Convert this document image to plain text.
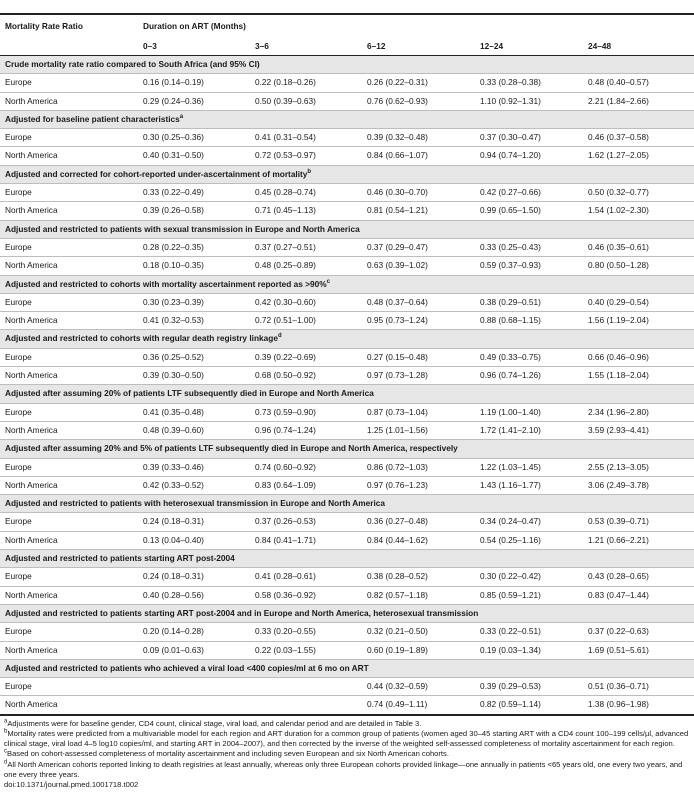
Mortality Rate Ratio	Duration on ART (Months)				
	0–3	3–6	6–12	12–24	24–48
Crude mortality rate ratio compared to South Africa (and 95% CI)					
Europe	0.16 (0.14–0.19)	0.22 (0.18–0.26)	0.26 (0.22–0.31)	0.33 (0.28–0.38)	0.48 (0.40–0.57)
North America	0.29 (0.24–0.36)	0.50 (0.39–0.63)	0.76 (0.62–0.93)	1.10 (0.92–1.31)	2.21 (1.84–2.66)
Adjusted for baseline patient characteristics$^a$
Europe	0.30 (0.25–0.36)	0.41 (0.31–0.54)	0.39 (0.32–0.48)	0.37 (0.30–0.47)	0.46 (0.37–0.58)
North America	0.40 (0.31–0.50)	0.72 (0.53–0.97)	0.84 (0.66–1.07)	0.94 (0.74–1.20)	1.62 (1.27–2.05)
Adjusted and corrected for cohort-reported under-ascertainment of mortality$^b$
Europe	0.33 (0.22–0.49)	0.45 (0.28–0.74)	0.46 (0.30–0.70)	0.42 (0.27–0.66)	0.50 (0.32–0.77)
North America	0.39 (0.26–0.58)	0.71 (0.45–1.13)	0.81 (0.54–1.21)	0.99 (0.65–1.50)	1.54 (1.02–2.30)
Adjusted and restricted to patients with sexual transmission in Europe and North America					
Europe	0.28 (0.22–0.35)	0.37 (0.27–0.51)	0.37 (0.29–0.47)	0.33 (0.25–0.43)	0.46 (0.35–0.61)
North America	0.18 (0.10–0.35)	0.48 (0.25–0.89)	0.63 (0.39–1.02)	0.59 (0.37–0.93)	0.80 (0.50–1.28)
Adjusted and restricted to cohorts with mortality ascertainment reported as >90%$^c$
Europe	0.30 (0.23–0.39)	0.42 (0.30–0.60)	0.48 (0.37–0.64)	0.38 (0.29–0.51)	0.40 (0.29–0.54)
North America	0.41 (0.32–0.53)	0.72 (0.51–1.00)	0.95 (0.73–1.24)	0.88 (0.68–1.15)	1.56 (1.19–2.04)
Adjusted and restricted to cohorts with regular death registry linkage$^d$
Europe	0.36 (0.25–0.52)	0.39 (0.22–0.69)	0.27 (0.15–0.48)	0.49 (0.33–0.75)	0.66 (0.46–0.96)
North America	0.39 (0.30–0.50)	0.68 (0.50–0.92)	0.97 (0.73–1.28)	0.96 (0.74–1.26)	1.55 (1.18–2.04)
Adjusted after assuming 20% of patients LTF subsequently died in Europe and North America					
Europe	0.41 (0.35–0.48)	0.73 (0.59–0.90)	0.87 (0.73–1.04)	1.19 (1.00–1.40)	2.34 (1.96–2.80)
North America	0.48 (0.39–0.60)	0.96 (0.74–1.24)	1.25 (1.01–1.56)	1.72 (1.41–2.10)	3.59 (2.93–4.41)
Adjusted after assuming 20% and 5% of patients LTF subsequently died in Europe and North America, respectively					
Europe	0.39 (0.33–0.46)	0.74 (0.60–0.92)	0.86 (0.72–1.03)	1.22 (1.03–1.45)	2.55 (2.13–3.05)
North America	0.42 (0.33–0.52)	0.83 (0.64–1.09)	0.97 (0.76–1.23)	1.43 (1.16–1.77)	3.06 (2.49–3.78)
Adjusted and restricted to patients with heterosexual transmission in Europe and North America					
Europe	0.24 (0.18–0.31)	0.37 (0.26–0.53)	0.36 (0.27–0.48)	0.34 (0.24–0.47)	0.53 (0.39–0.71)
North America	0.13 (0.04–0.40)	0.84 (0.41–1.71)	0.84 (0.44–1.62)	0.54 (0.25–1.16)	1.21 (0.66–2.21)
Adjusted and restricted to patients starting ART post-2004					
Europe	0.24 (0.18–0.31)	0.41 (0.28–0.61)	0.38 (0.28–0.52)	0.30 (0.22–0.42)	0.43 (0.28–0.65)
North America	0.40 (0.28–0.56)	0.58 (0.36–0.92)	0.82 (0.57–1.18)	0.85 (0.59–1.21)	0.83 (0.47–1.44)
Adjusted and restricted to patients starting ART post-2004 and in Europe and North America, heterosexual transmission					
Europe	0.20 (0.14–0.28)	0.33 (0.20–0.55)	0.32 (0.21–0.50)	0.33 (0.22–0.51)	0.37 (0.22–0.63)
North America	0.09 (0.01–0.63)	0.22 (0.03–1.55)	0.60 (0.19–1.89)	0.19 (0.03–1.34)	1.69 (0.51–5.61)
Adjusted and restricted to patients who achieved a viral load <400 copies/ml at 6 mo on ART					
Europe			0.44 (0.32–0.59)	0.39 (0.29–0.53)	0.51 (0.36–0.71)
North America			0.74 (0.49–1.11)	0.82 (0.59–1.14)	1.38 (0.96–1.98)

$^a$Adjustments were for baseline gender, CD4 count, clinical stage, viral load, and calendar period and are detailed in Table 3.

$^b$Mortality rates were predicted from a multivariable model for each region and ART duration for a common group of patients (women aged 30–45 starting ART with a CD4 count 100–199 cells/µl, advanced clinical stage, viral load 4–5 log10 copies/ml, and starting ART in 2004–2007), and then corrected by the inverse of the weighted self-assessed completeness of mortality ascertainment for each region.

$^c$Based on cohort-assessed completeness of mortality ascertainment and including seven European and six North American cohorts.

$^d$All North American cohorts reported linking to death registries at least annually, whereas only three European cohorts provided linkage—one annually in patients <65 years old, one every two years, and one every three years.

doi:10.1371/journal.pmed.1001718.t002
